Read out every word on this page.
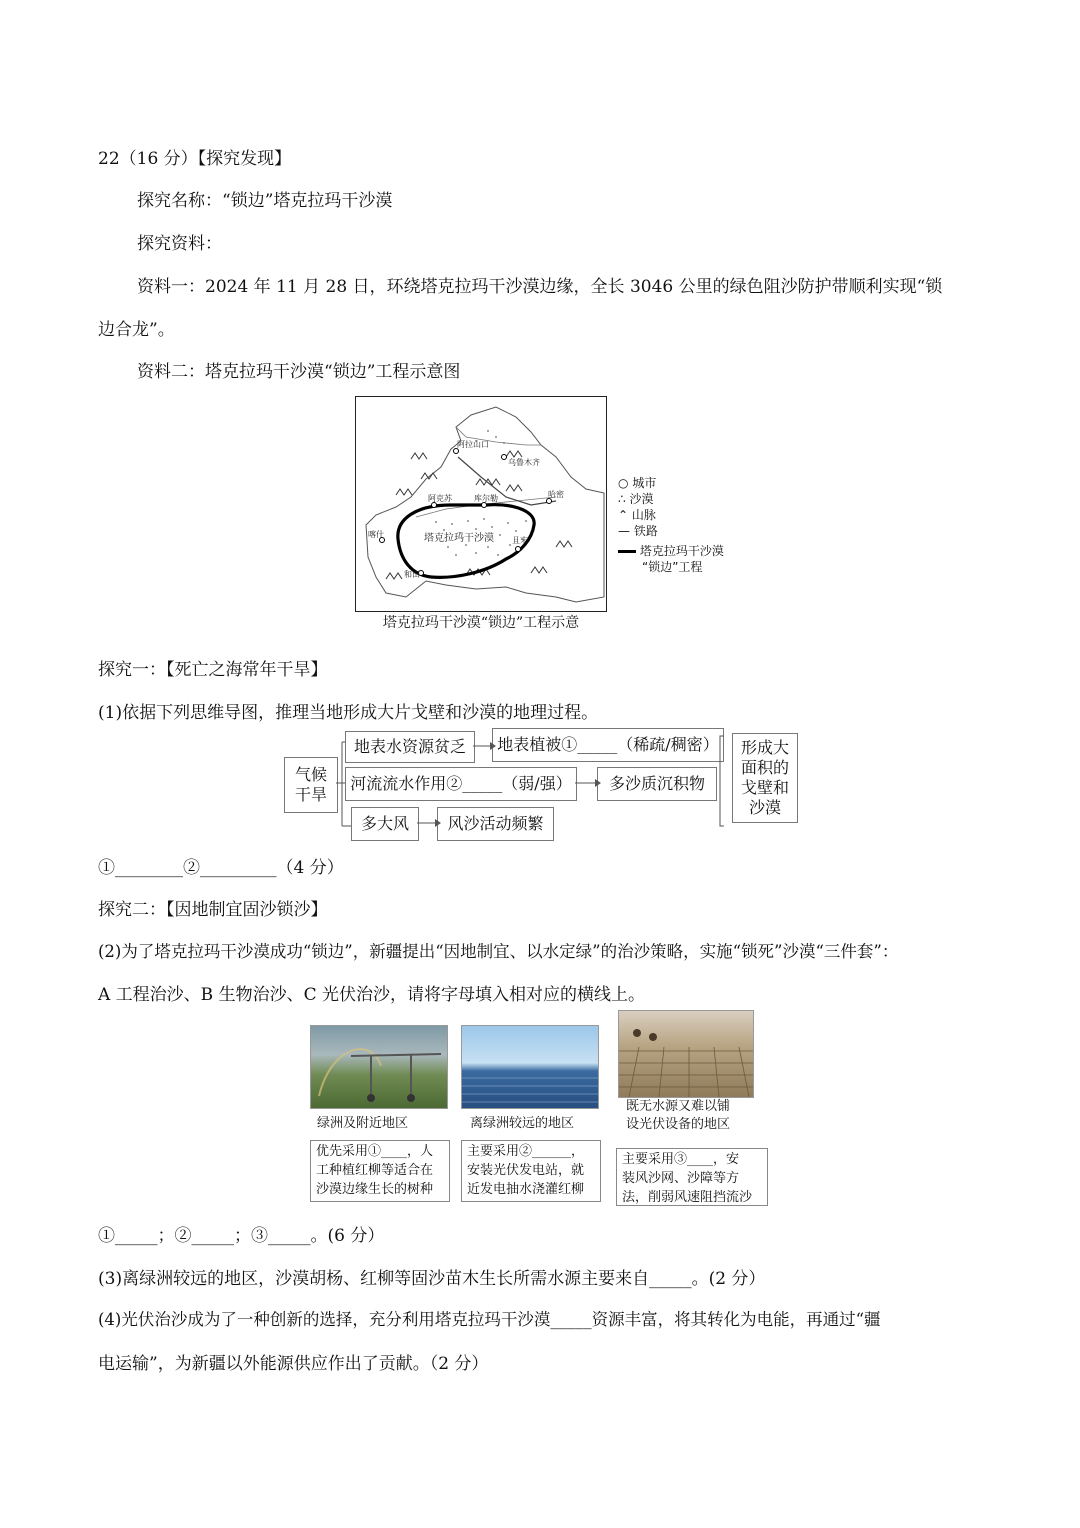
22（16 分）【探究发现】
探究名称：“锁边”塔克拉玛干沙漠
探究资料：
资料一：2024 年 11 月 28 日，环绕塔克拉玛干沙漠边缘，全长 3046 公里的绿色阻沙防护带顺利实现“锁
边合龙”。
资料二：塔克拉玛干沙漠“锁边”工程示意图
阿拉山口
乌鲁木齐
阿克苏	库尔勒	哈密
喀什
且末
和田
塔克拉玛干沙漠
○ 城市
∴ 沙漠
⌃ 山脉
— 铁路
塔克拉玛干沙漠
“锁边”工程
塔克拉玛干沙漠“锁边”工程示意
探究一：【死亡之海常年干旱】
(1)依据下列思维导图，推理当地形成大片戈壁和沙漠的地理过程。
气候
干旱
地表水资源贫乏 地表植被①_____（稀疏/稠密）
河流流水作用②_____（弱/强） 多沙质沉积物
多大风 风沙活动频繁
形成大
面积的
戈壁和
沙漠
①________②_________（4 分）
探究二：【因地制宜固沙锁沙】
(2)为了塔克拉玛干沙漠成功“锁边”，新疆提出“因地制宜、以水定绿”的治沙策略，实施“锁死”沙漠“三件套”：
A 工程治沙、B 生物治沙、C 光伏治沙，请将字母填入相对应的横线上。
绿洲及附近地区
优先采用①____，人
工种植红柳等适合在
沙漠边缘生长的树种
离绿洲较远的地区
主要采用②______，
安装光伏发电站，就
近发电抽水浇灌红柳
既无水源又难以铺
设光伏设备的地区
主要采用③____，安
装风沙网、沙障等方
法，削弱风速阻挡流沙
①_____；②_____；③_____。(6 分）
(3)离绿洲较远的地区，沙漠胡杨、红柳等固沙苗木生长所需水源主要来自_____。(2 分）
(4)光伏治沙成为了一种创新的选择，充分利用塔克拉玛干沙漠_____资源丰富，将其转化为电能，再通过“疆
电运输”，为新疆以外能源供应作出了贡献。（2 分）
